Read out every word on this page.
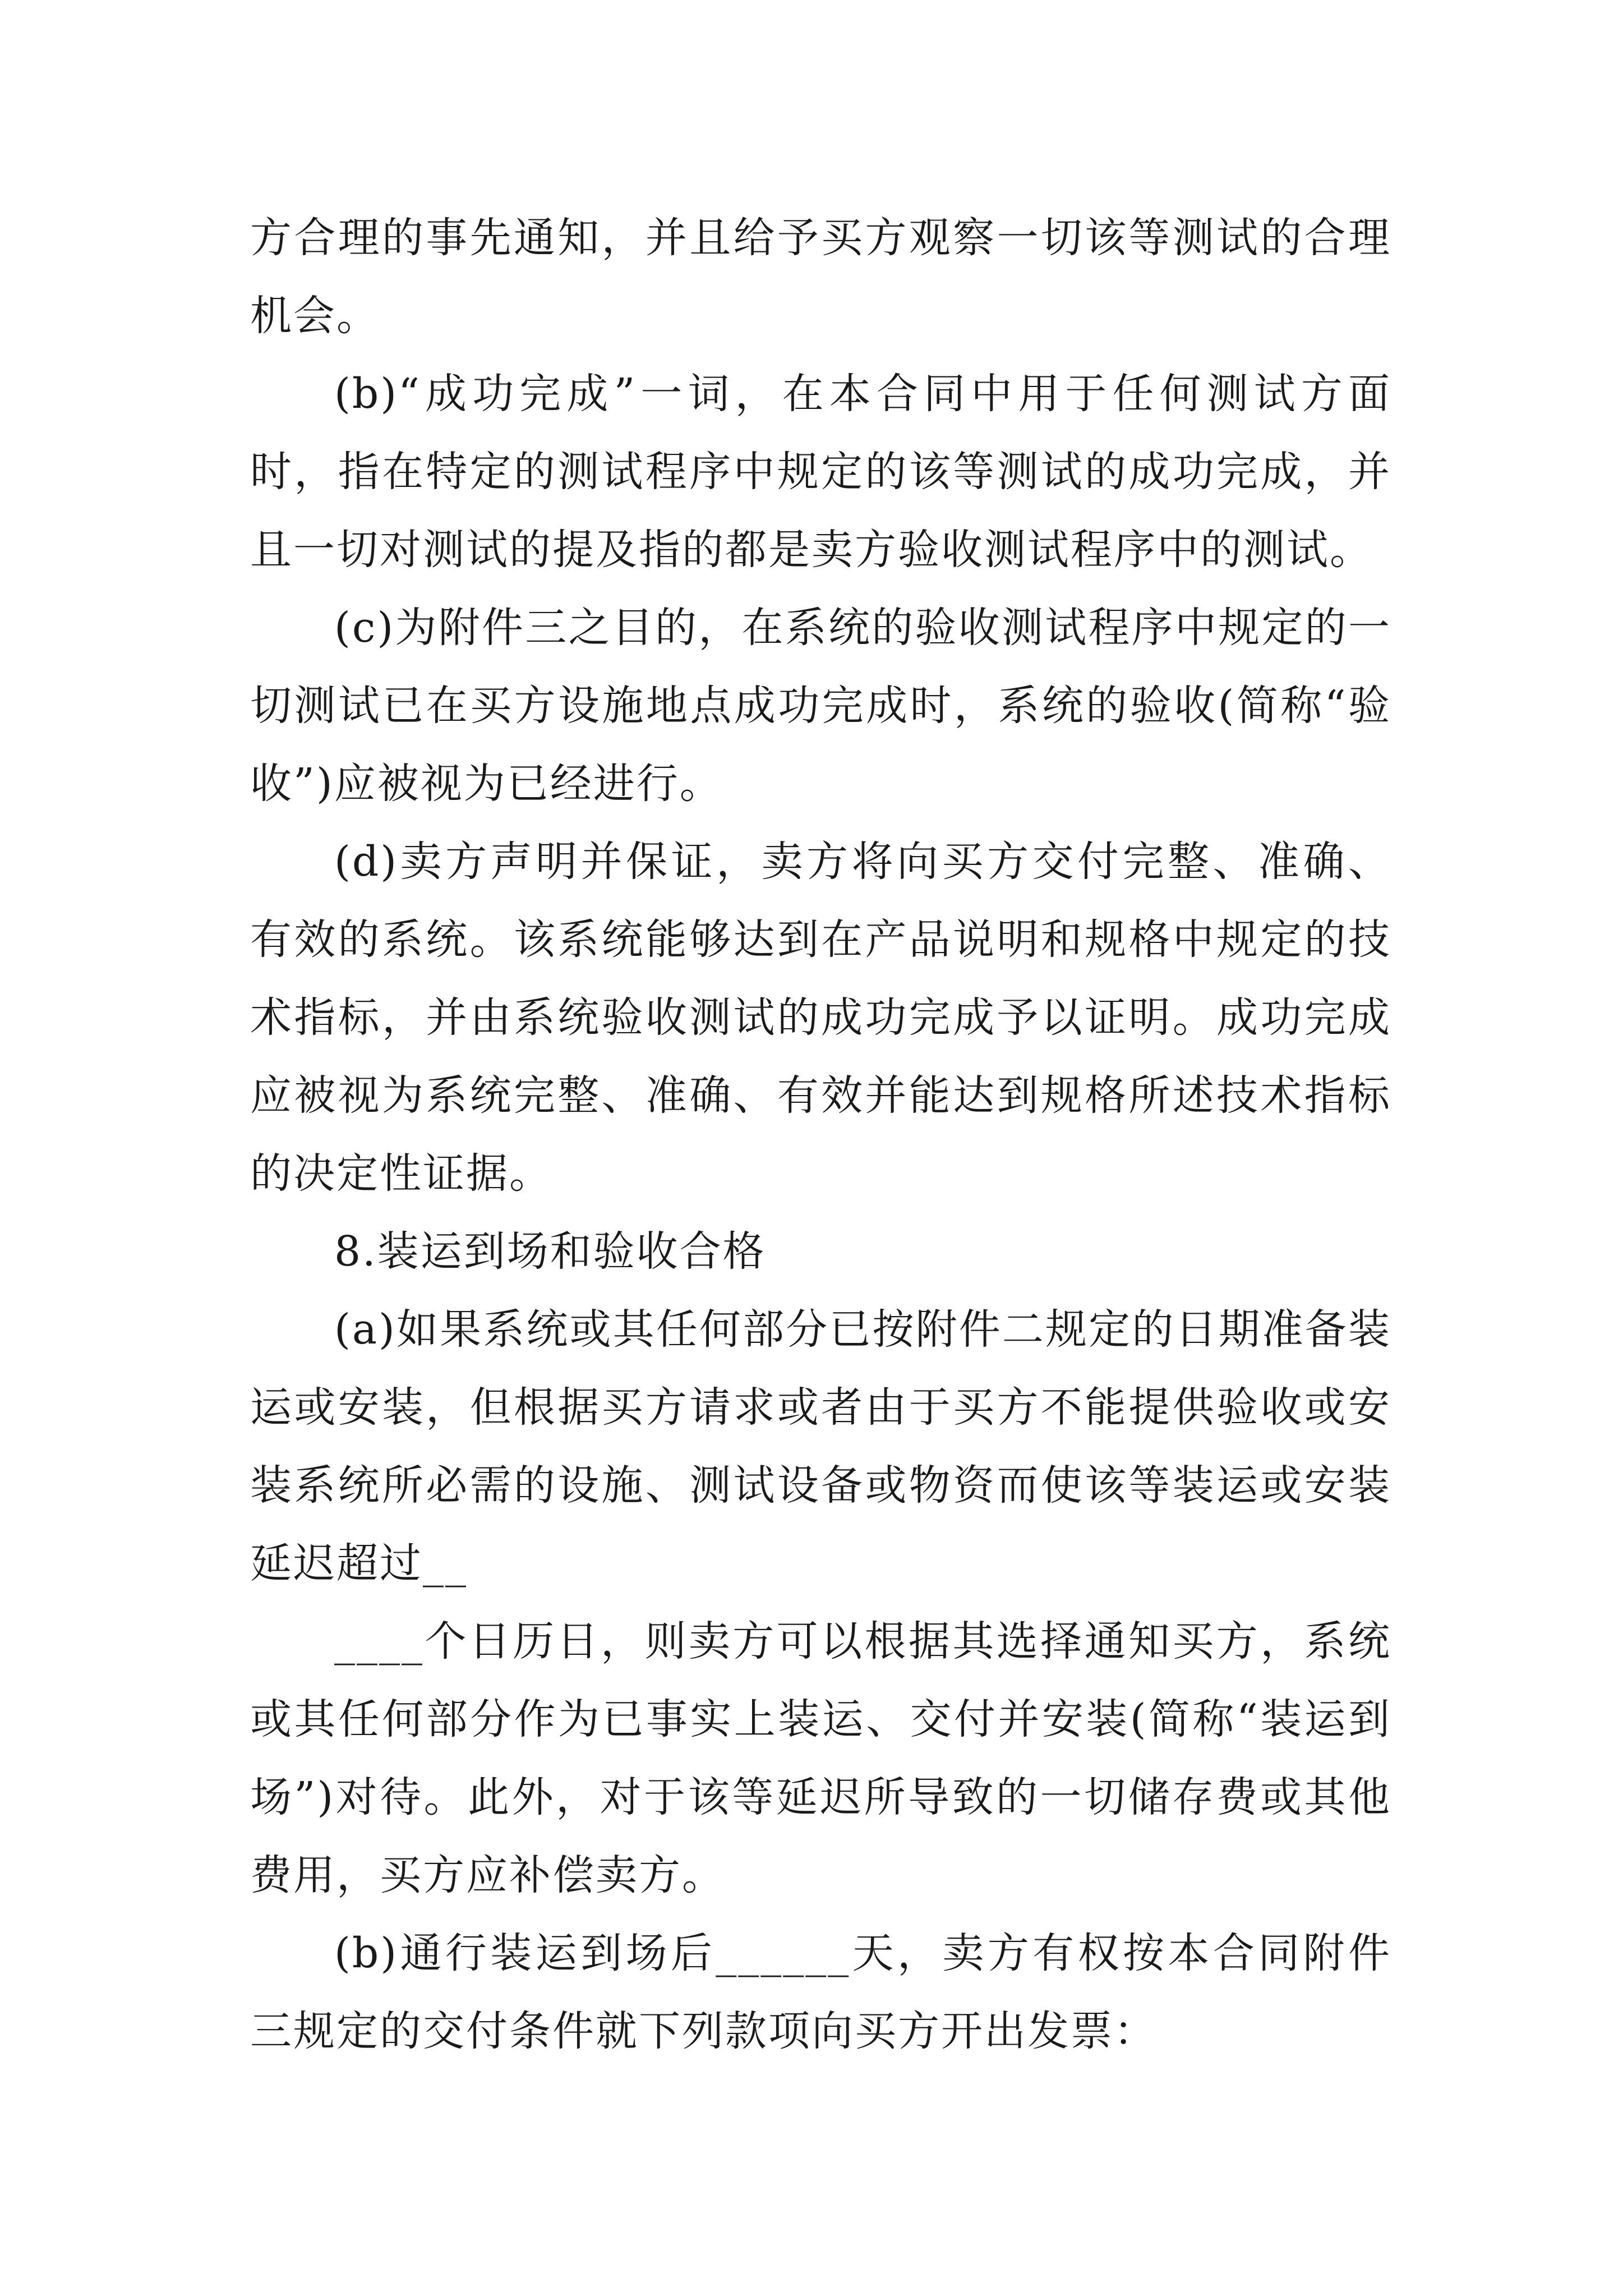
方合理的事先通知，并且给予买方观察一切该等测试的合理机会。

(b)“成功完成”一词，在本合同中用于任何测试方面时，指在特定的测试程序中规定的该等测试的成功完成，并且一切对测试的提及指的都是卖方验收测试程序中的测试。

(c)为附件三之目的，在系统的验收测试程序中规定的一切测试已在买方设施地点成功完成时，系统的验收(简称“验收”)应被视为已经进行。

(d)卖方声明并保证，卖方将向买方交付完整、准确、有效的系统。该系统能够达到在产品说明和规格中规定的技术指标，并由系统验收测试的成功完成予以证明。成功完成应被视为系统完整、准确、有效并能达到规格所述技术指标的决定性证据。

8.装运到场和验收合格

(a)如果系统或其任何部分已按附件二规定的日期准备装运或安装，但根据买方请求或者由于买方不能提供验收或安装系统所必需的设施、测试设备或物资而使该等装运或安装延迟超过__

____个日历日，则卖方可以根据其选择通知买方，系统或其任何部分作为已事实上装运、交付并安装(简称“装运到场”)对待。此外，对于该等延迟所导致的一切储存费或其他费用，买方应补偿卖方。

(b)通行装运到场后______天，卖方有权按本合同附件三规定的交付条件就下列款项向买方开出发票：
